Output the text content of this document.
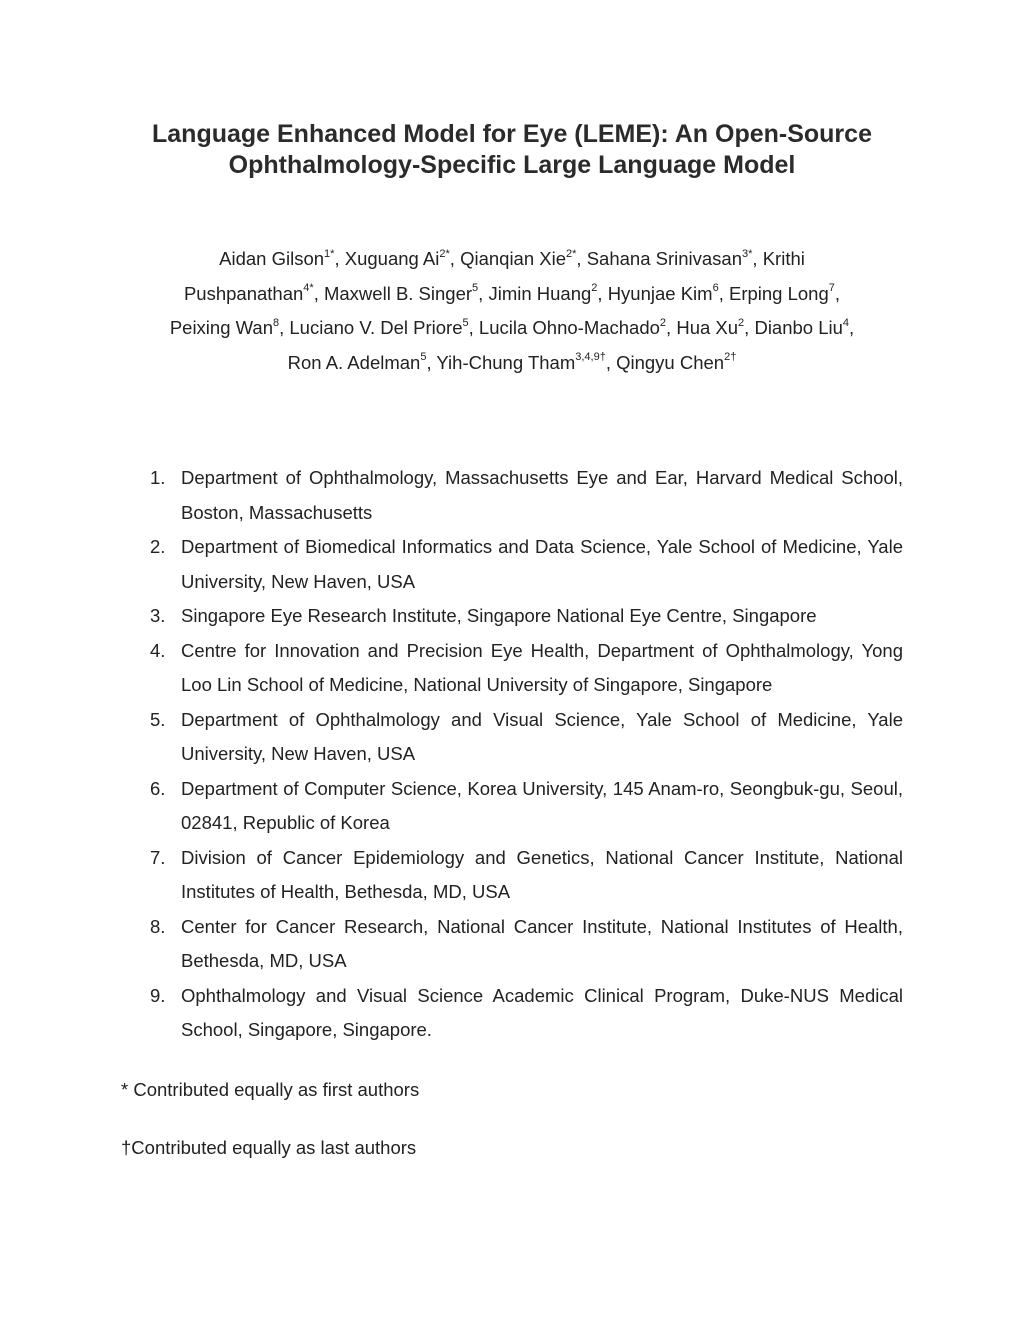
Language Enhanced Model for Eye (LEME): An Open-Source
Ophthalmology-Specific Large Language Model
Aidan Gilson$^{1*}$, Xuguang $Ai^{2*}$, Qianqian Xie$^{2*}$, Sahana Srinivasan$^{3*}$, Krithi
Pushpanathan$^{4*}$, Maxwell B. Singer$^5$, Jimin Huang$^2$, Hyunjae Kim$^6$, Erping Long$^7$,
Peixing Wan$^8$, Luciano V. Del Priore$^5$, Lucila Ohno-Machado$^2$, Hua Xu$^2$, Dianbo Liu$^4$,
Ron A. Adelman$^5$, Yih-Chung Tham$^{3,4,9\dagger}$, Qingyu Chen$^{2\dagger}$
1. Department of Ophthalmology, Massachusetts Eye and Ear, Harvard Medical School, Boston, Massachusetts
2. Department of Biomedical Informatics and Data Science, Yale School of Medicine, Yale University, New Haven, USA
3. Singapore Eye Research Institute, Singapore National Eye Centre, Singapore
4. Centre for Innovation and Precision Eye Health, Department of Ophthalmology, Yong Loo Lin School of Medicine, National University of Singapore, Singapore
5. Department of Ophthalmology and Visual Science, Yale School of Medicine, Yale University, New Haven, USA
6. Department of Computer Science, Korea University, 145 Anam-ro, Seongbuk-gu, Seoul, 02841, Republic of Korea
7. Division of Cancer Epidemiology and Genetics, National Cancer Institute, National Institutes of Health, Bethesda, MD, USA
8. Center for Cancer Research, National Cancer Institute, National Institutes of Health, Bethesda, MD, USA
9. Ophthalmology and Visual Science Academic Clinical Program, Duke-NUS Medical School, Singapore, Singapore.
* Contributed equally as first authors
†Contributed equally as last authors
